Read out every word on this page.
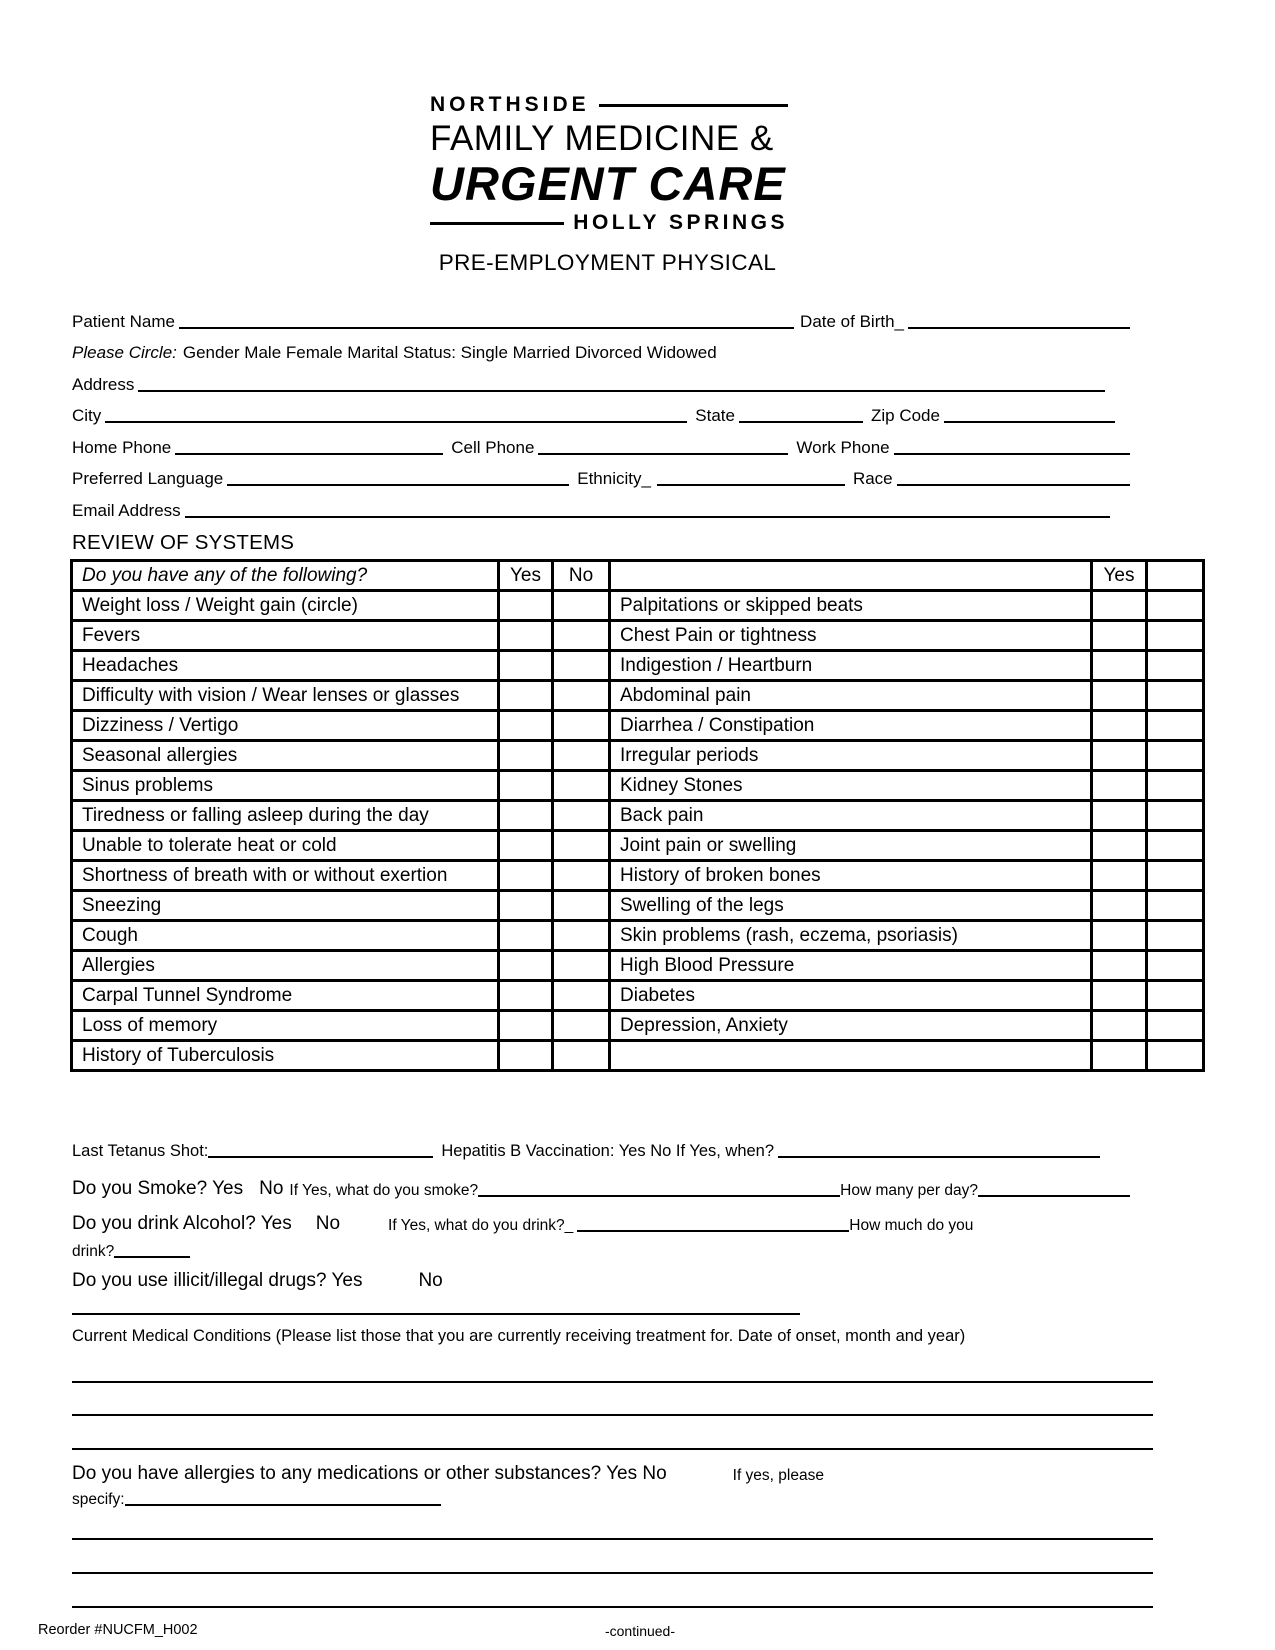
NORTHSIDE
FAMILY MEDICINE &
URGENT CARE
HOLLY SPRINGS
PRE-EMPLOYMENT PHYSICAL
Patient Name	Date of Birth_
Please Circle: Gender Male Female Marital Status: Single Married Divorced Widowed
Address
City	State	Zip Code
Home Phone	Cell Phone	Work Phone
Preferred Language	Ethnicity_	Race
Email Address
REVIEW OF SYSTEMS
Do you have any of the following?	Yes	No		Yes	
Weight loss / Weight gain (circle)			Palpitations or skipped beats		
Fevers			Chest Pain or tightness		
Headaches			Indigestion / Heartburn		
Difficulty with vision / Wear lenses or glasses			Abdominal pain		
Dizziness / Vertigo			Diarrhea / Constipation		
Seasonal allergies			Irregular periods		
Sinus problems			Kidney Stones		
Tiredness or falling asleep during the day			Back pain		
Unable to tolerate heat or cold			Joint pain or swelling		
Shortness of breath with or without exertion			History of broken bones		
Sneezing			Swelling of the legs		
Cough			Skin problems (rash, eczema, psoriasis)		
Allergies			High Blood Pressure		
Carpal Tunnel Syndrome			Diabetes		
Loss of memory			Depression, Anxiety		
History of Tuberculosis					
Last Tetanus Shot:	Hepatitis B Vaccination: Yes No If Yes, when?
Do you Smoke? Yes No If Yes, what do you smoke?	How many per day?
Do you drink Alcohol? Yes No	If Yes, what do you drink?_	How much do you
drink?
Do you use illicit/illegal drugs? Yes	No
Current Medical Conditions (Please list those that you are currently receiving treatment for. Date of onset, month and year)
Do you have allergies to any medications or other substances? Yes No	If yes, please
specify:
Reorder #NUCFM_H002	-continued-
